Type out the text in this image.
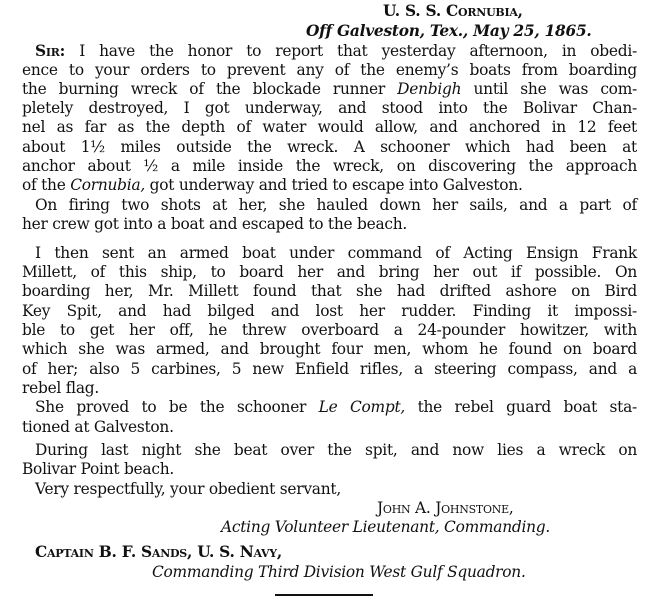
U. S. S. Cornubia,
Off Galveston, Tex., May 25, 1865.
Sir: I have the honor to report that yesterday afternoon, in obedi-
ence to your orders to prevent any of the enemy’s boats from boarding
the burning wreck of the blockade runner Denbigh until she was com-
pletely destroyed, I got underway, and stood into the Bolivar Chan-
nel as far as the depth of water would allow, and anchored in 12 feet
about 1½ miles outside the wreck. A schooner which had been at
anchor about ½ a mile inside the wreck, on discovering the approach
of the Cornubia, got underway and tried to escape into Galveston.
On firing two shots at her, she hauled down her sails, and a part of
her crew got into a boat and escaped to the beach.
I then sent an armed boat under command of Acting Ensign Frank
Millett, of this ship, to board her and bring her out if possible. On
boarding her, Mr. Millett found that she had drifted ashore on Bird
Key Spit, and had bilged and lost her rudder. Finding it impossi-
ble to get her off, he threw overboard a 24-pounder howitzer, with
which she was armed, and brought four men, whom he found on board
of her; also 5 carbines, 5 new Enfield rifles, a steering compass, and a
rebel flag.
She proved to be the schooner Le Compt, the rebel guard boat sta-
tioned at Galveston.
During last night she beat over the spit, and now lies a wreck on
Bolivar Point beach.
Very respectfully, your obedient servant,
John A. Johnstone,
Acting Volunteer Lieutenant, Commanding.
Captain B. F. Sands, U. S. Navy,
Commanding Third Division West Gulf Squadron.
